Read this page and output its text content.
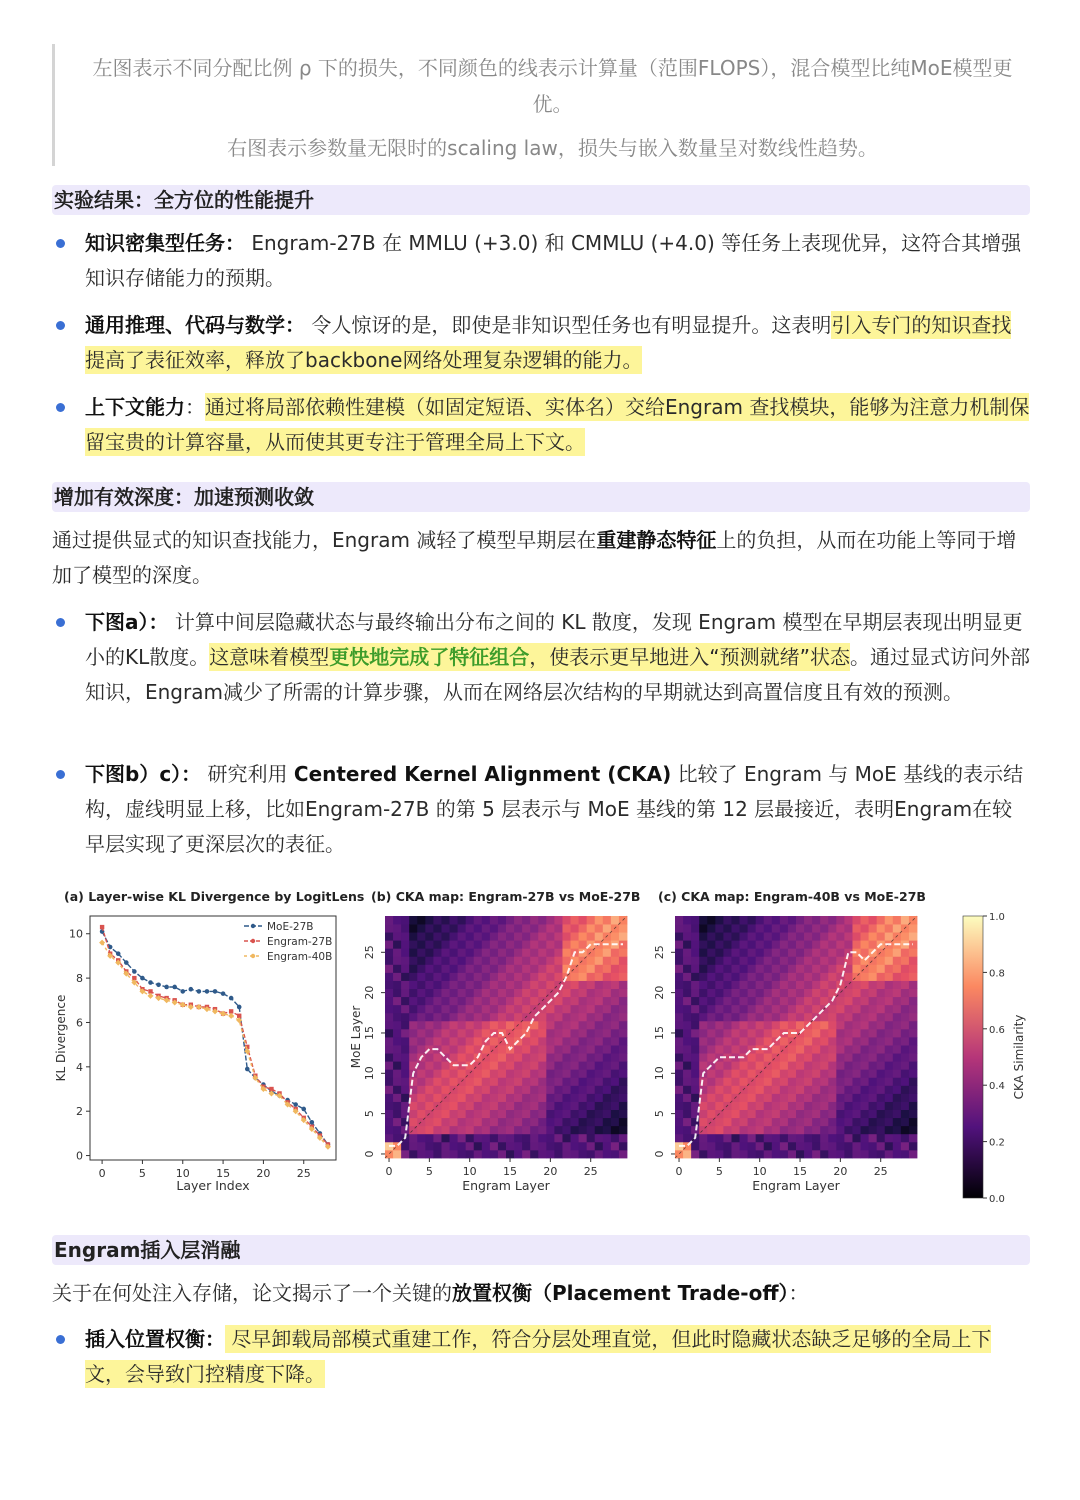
左图表示不同分配比例 ρ 下的损失，不同颜色的线表示计算量（范围FLOPS），混合模型比纯MoE模型更优。

右图表示参数量无限时的scaling law，损失与嵌入数量呈对数线性趋势。

实验结果：全方位的性能提升
知识密集型任务： Engram-27B 在 MMLU (+3.0) 和 CMMLU (+4.0) 等任务上表现优异，这符合其增强知识存储能力的预期。
通用推理、代码与数学： 令人惊讶的是，即使是非知识型任务也有明显提升。这表明引入专门的知识查找提高了表征效率，释放了backbone网络处理复杂逻辑的能力。
上下文能力：通过将局部依赖性建模（如固定短语、实体名）交给Engram 查找模块，能够为注意力机制保留宝贵的计算容量，从而使其更专注于管理全局上下文。
增加有效深度：加速预测收敛
通过提供显式的知识查找能力，Engram 减轻了模型早期层在重建静态特征上的负担，从而在功能上等同于增加了模型的深度。
下图a）： 计算中间层隐藏状态与最终输出分布之间的 KL 散度，发现 Engram 模型在早期层表现出明显更小的KL散度。这意味着模型更快地完成了特征组合，使表示更早地进入“预测就绪”状态。通过显式访问外部知识，Engram减少了所需的计算步骤，从而在网络层次结构的早期就达到高置信度且有效的预测。
下图b）c）： 研究利用 Centered Kernel Alignment (CKA) 比较了 Engram 与 MoE 基线的表示结构，虚线明显上移，比如Engram-27B 的第 5 层表示与 MoE 基线的第 12 层最接近，表明Engram在较早层实现了更深层次的表征。
(a) Layer-wise KL Divergence by LogitLens (b) CKA map: Engram-27B vs MoE-27B (c) CKA map: Engram-40B vs MoE-27B
0	5	10 15 20 25
0
2
4
6
8
10
Layer Index
KL Divergence
MoE-27B
Engram-27B
Engram-40B
0	5	10 15 20 25
0
5
10
15
20
25
Engram Layer
MoE Layer
0	5	10 15 20 25
0
5
10
15
20
25
Engram Layer
0.0
0.2
0.4
0.6
0.8
1.0
CKA Similarity
Engram插入层消融
关于在何处注入存储，论文揭示了一个关键的放置权衡（Placement Trade-off）：
插入位置权衡： 尽早卸载局部模式重建工作，符合分层处理直觉，但此时隐藏状态缺乏足够的全局上下文，会导致门控精度下降。
